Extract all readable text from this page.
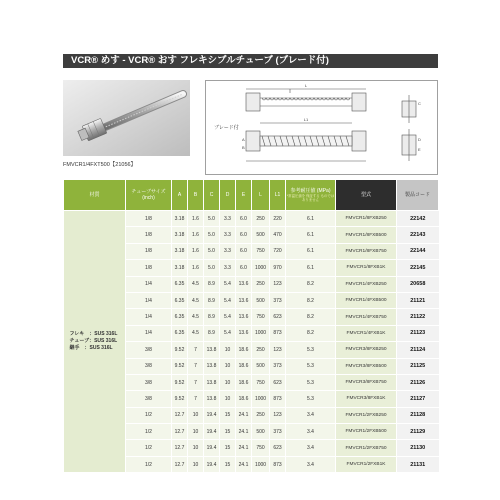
VCR® めす - VCR® おす フレキシブルチューブ (ブレード付)
FMVCR1/4FXT500【21056】
L
L1
A
B
C
D
E
ブレード付
材質	チューブサイズ (inch)	A	B	C	D	E	L	L1	参考耐圧値 (MPa)
*常温圧値を 保証する ものではありません	型式	製品コード

フレキ　：SUS 316L
チューブ：SUS 316L
継手　：SUS 316L	1/8	3.18	1.6	5.0	3.3	6.0	250	220	6.1	FMVCR1/8FXB250	22142
	1/8	3.18	1.6	5.0	3.3	6.0	500	470	6.1	FMVCR1/8FXB500	22143
	1/8	3.18	1.6	5.0	3.3	6.0	750	720	6.1	FMVCR1/8FXB750	22144
	1/8	3.18	1.6	5.0	3.3	6.0	1000	970	6.1	FMVCR1/8FXB1K	22145
	1/4	6.35	4.5	8.9	5.4	13.6	250	123	8.2	FMVCR1/4FXB250	20658
	1/4	6.35	4.5	8.9	5.4	13.6	500	373	8.2	FMVCR1/4FXB500	21121
	1/4	6.35	4.5	8.9	5.4	13.6	750	623	8.2	FMVCR1/4FXB750	21122
	1/4	6.35	4.5	8.9	5.4	13.6	1000	873	8.2	FMVCR1/4FXB1K	21123
	3/8	9.52	7	13.8	10	18.6	250	123	5.3	FMVCR3/8FXB250	21124
	3/8	9.52	7	13.8	10	18.6	500	373	5.3	FMVCR3/8FXB500	21125
	3/8	9.52	7	13.8	10	18.6	750	623	5.3	FMVCR3/8FXB750	21126
	3/8	9.52	7	13.8	10	18.6	1000	873	5.3	FMVCR3/8FXB1K	21127
	1/2	12.7	10	19.4	15	24.1	250	123	3.4	FMVCR1/2FXB250	21128
	1/2	12.7	10	19.4	15	24.1	500	373	3.4	FMVCR1/2FXB500	21129
	1/2	12.7	10	19.4	15	24.1	750	623	3.4	FMVCR1/2FXB750	21130
	1/2	12.7	10	19.4	15	24.1	1000	873	3.4	FMVCR1/2FXB1K	21131
